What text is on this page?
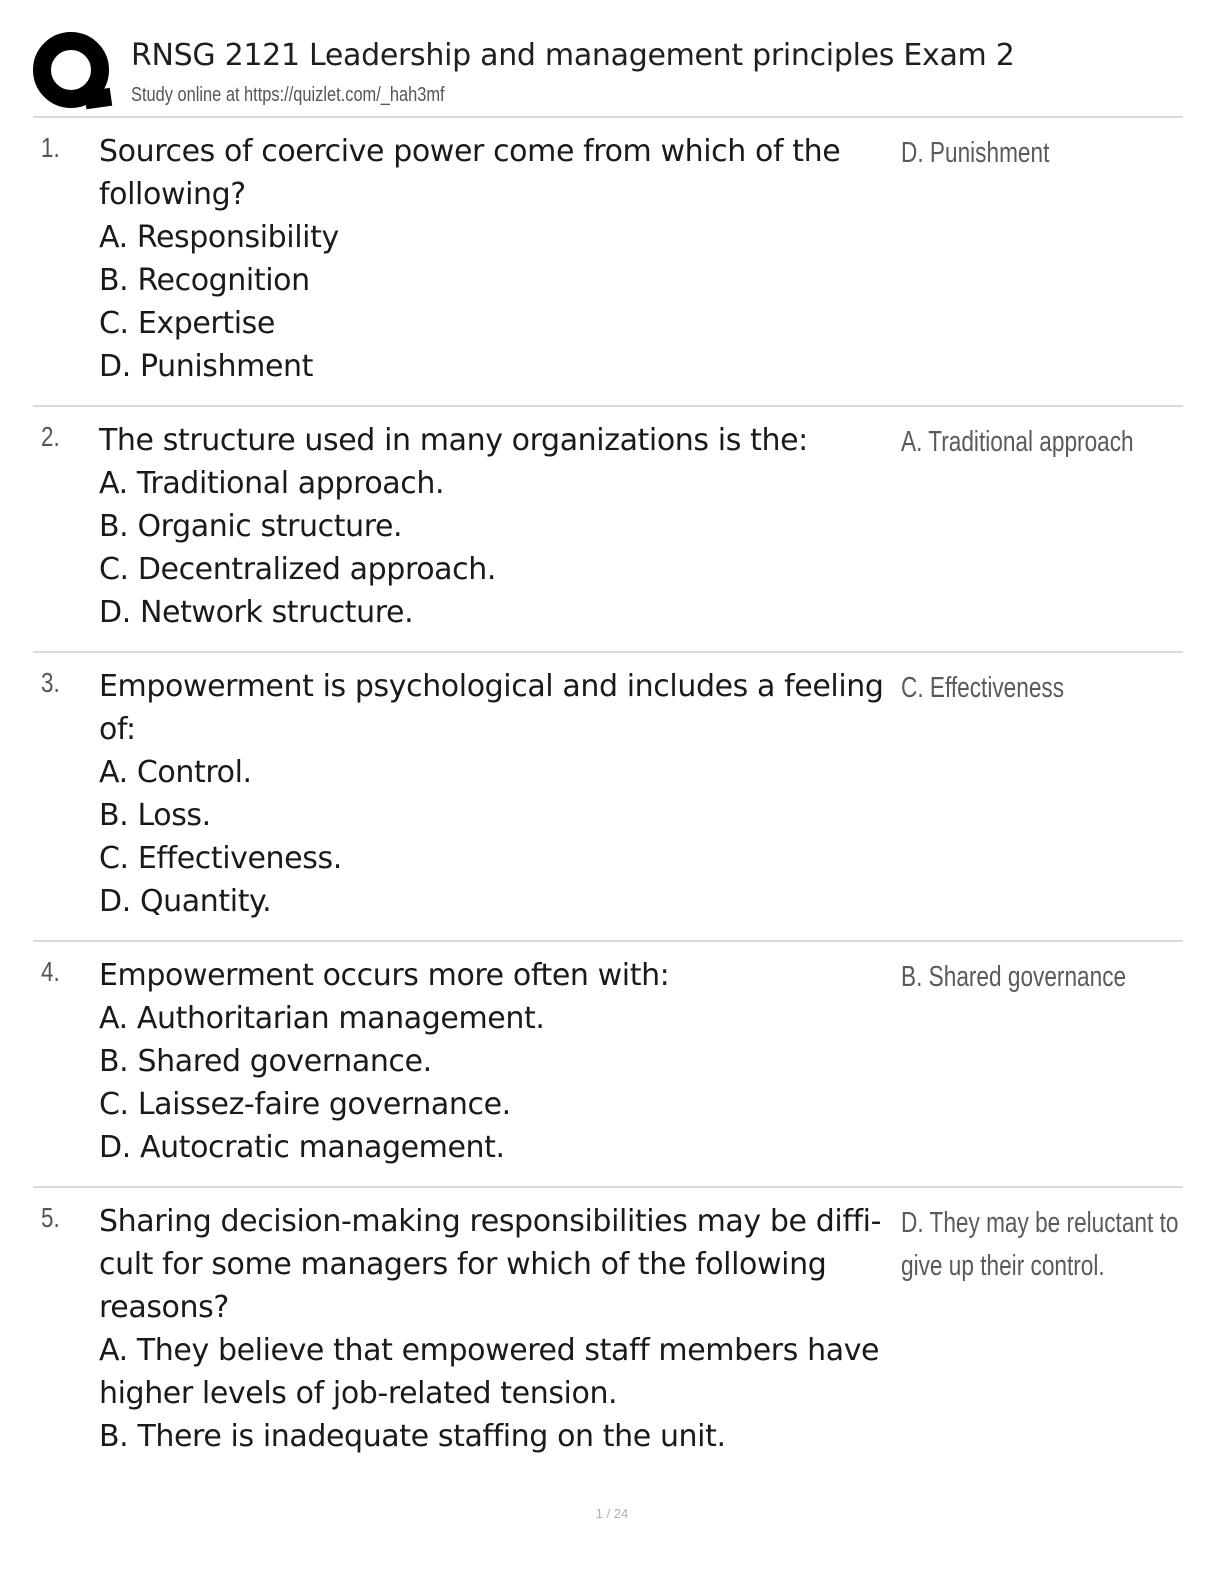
RNSG 2121 Leadership and management principles Exam 2
Study online at https://quizlet.com/_hah3mf
1. Sources of coercive power come from which of the
following?
A. Responsibility
B. Recognition
C. Expertise
D. Punishment
D. Punishment
2. The structure used in many organizations is the:
A. Traditional approach.
B. Organic structure.
C. Decentralized approach.
D. Network structure.
A. Traditional approach
3. Empowerment is psychological and includes a feeling
of:
A. Control.
B. Loss.
C. Effectiveness.
D. Quantity.
C. Effectiveness
4. Empowerment occurs more often with:
A. Authoritarian management.
B. Shared governance.
C. Laissez-faire governance.
D. Autocratic management.
B. Shared governance
5. Sharing decision-making responsibilities may be diffi-
cult for some managers for which of the following
reasons?
A. They believe that empowered staff members have
higher levels of job-related tension.
B. There is inadequate staffing on the unit.
D. They may be reluctant to
give up their control.
1 / 24
